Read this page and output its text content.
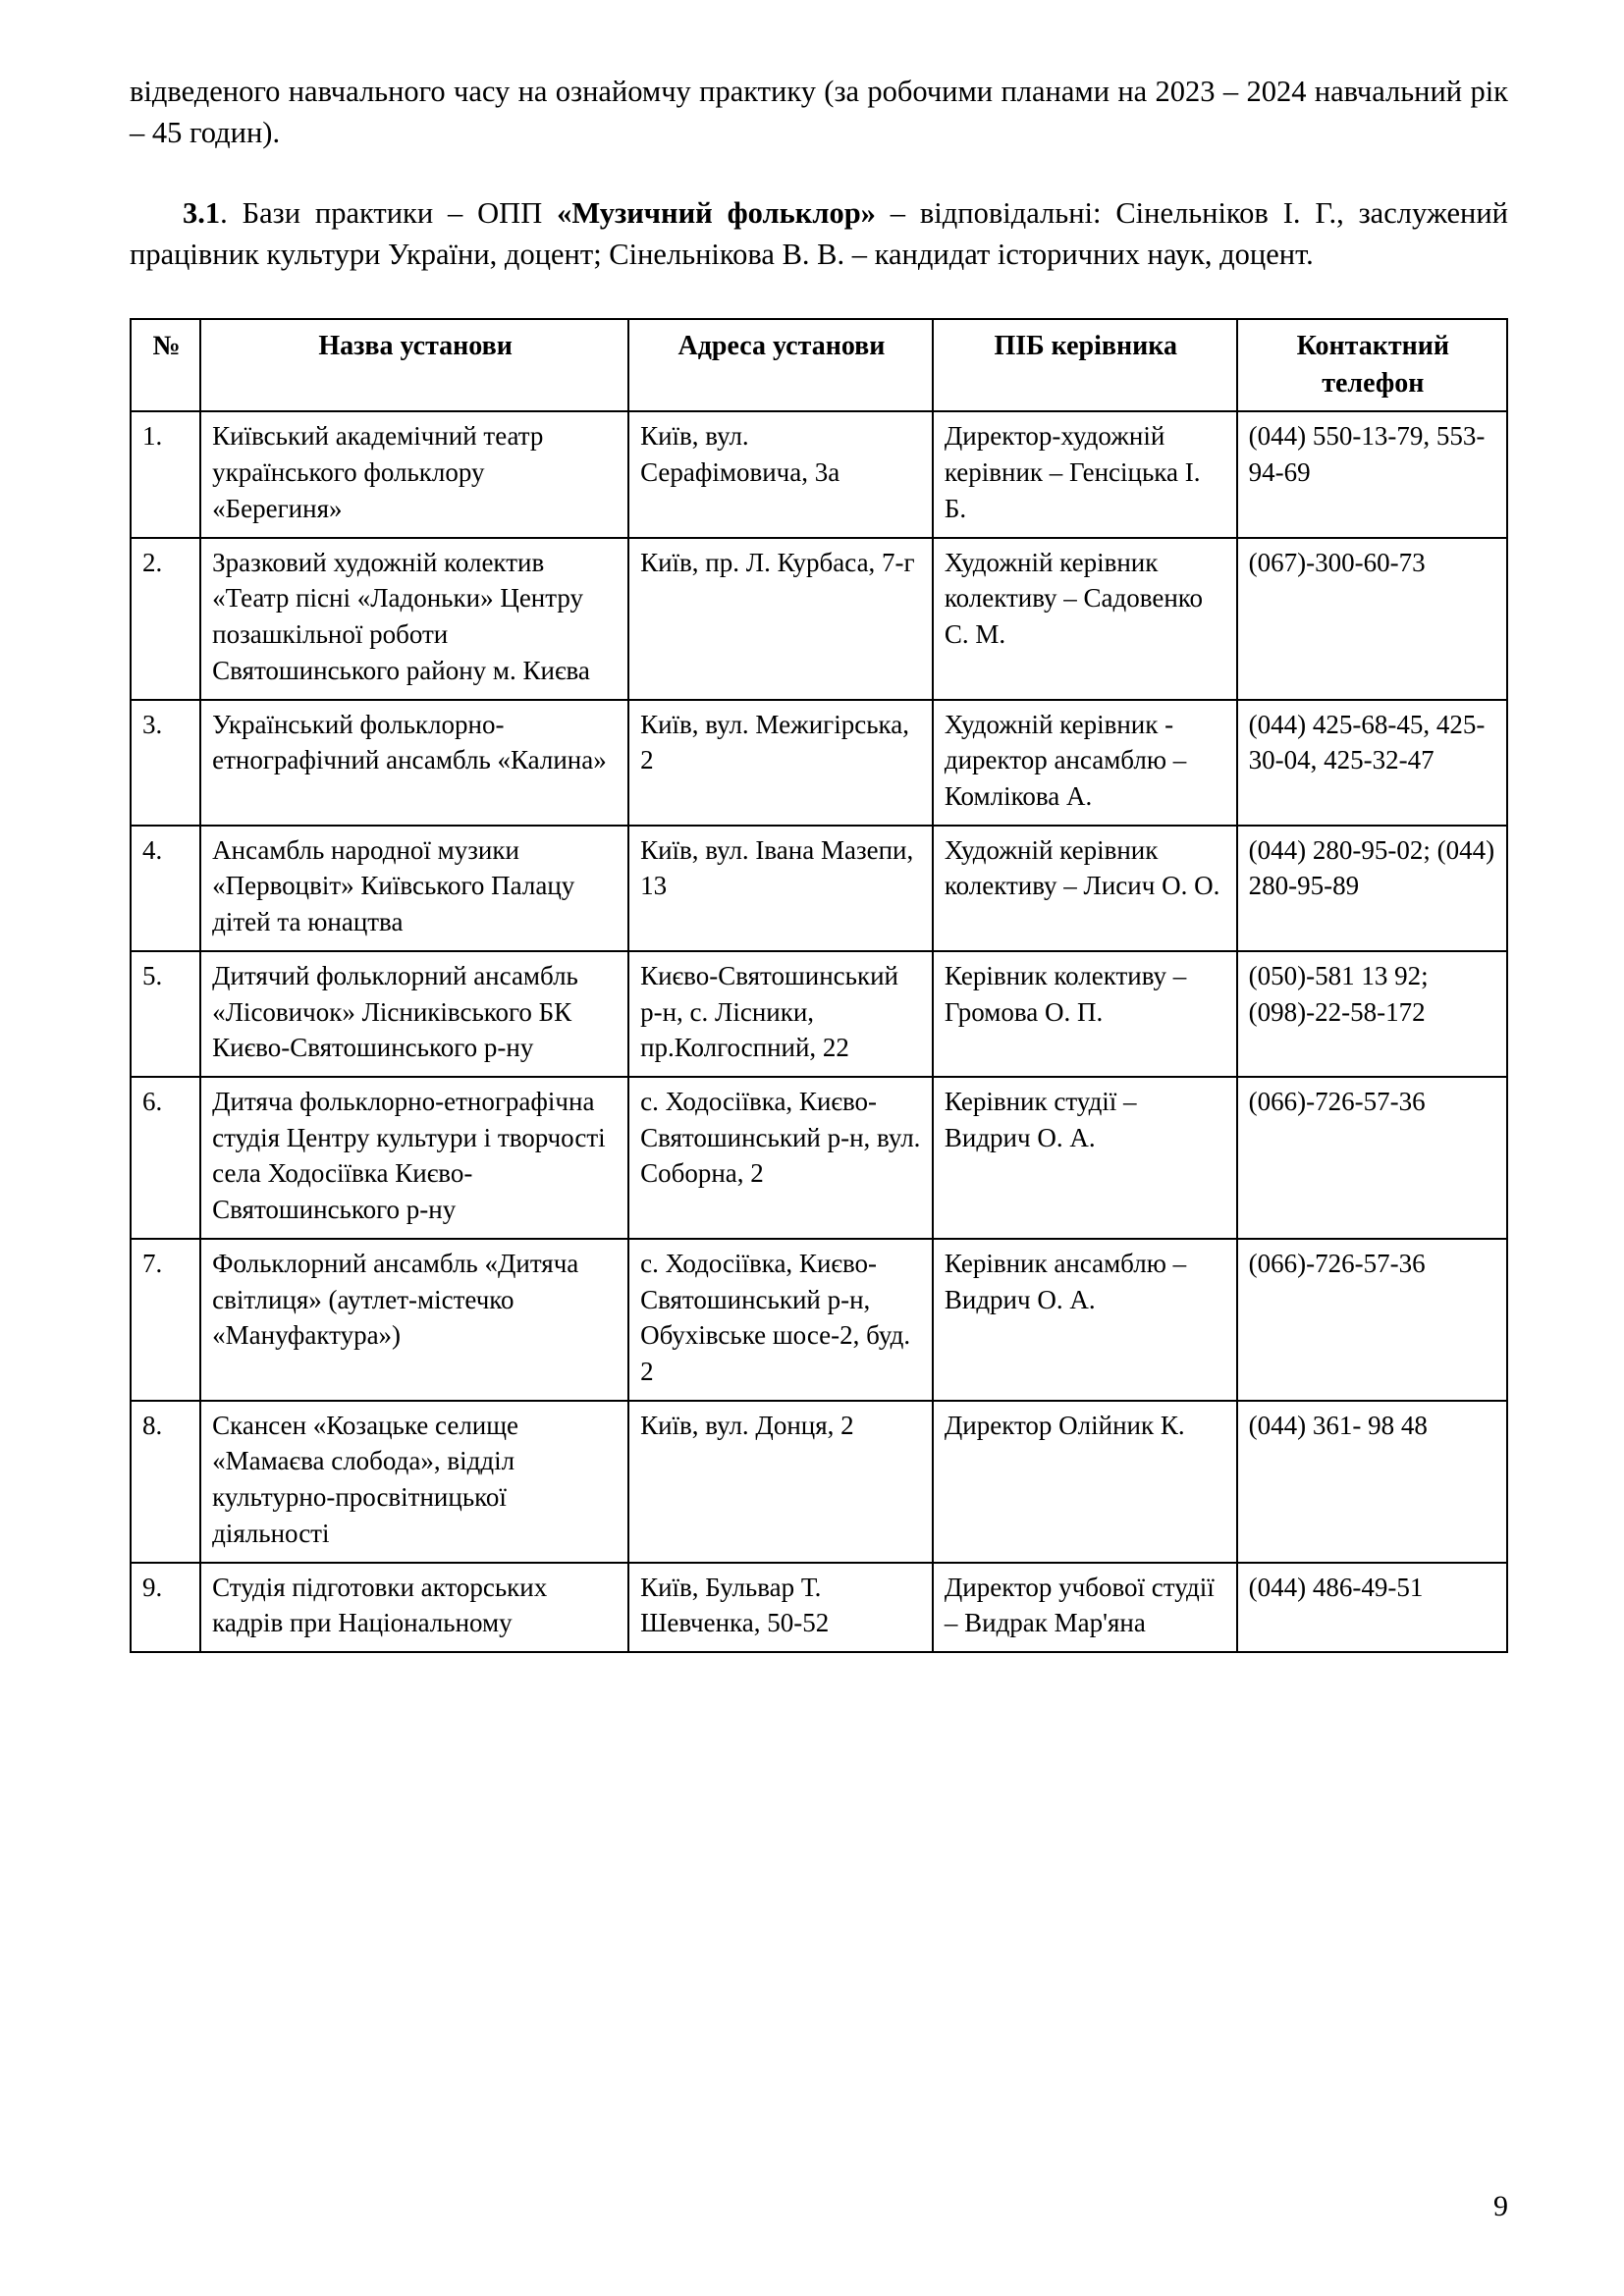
відведеного навчального часу на ознайомчу практику (за робочими планами на 2023 – 2024 навчальний рік – 45 годин).

3.1. Бази практики – ОПП «Музичний фольклор» – відповідальні: Сінельніков І. Г., заслужений працівник культури України, доцент; Сінельнікова В. В. – кандидат історичних наук, доцент.

№	Назва установи	Адреса установи	ПІБ керівника	Контактний телефон
1.	Київський академічний театр українського фольклору «Берегиня»	Київ, вул. Серафімовича, 3а	Директор-художній керівник – Генсіцька І. Б.	(044) 550-13-79, 553-94-69
2.	Зразковий художній колектив «Театр пісні «Ладоньки» Центру позашкільної роботи Святошинського району м. Києва	Київ, пр. Л. Курбаса, 7-г	Художній керівник колективу – Садовенко С. М.	(067)-300-60-73
3.	Український фольклорно-етнографічний ансамбль «Калина»	Київ, вул. Межигірська, 2	Художній керівник - директор ансамблю – Комлікова А.	(044) 425-68-45, 425-30-04, 425-32-47
4.	Ансамбль народної музики «Первоцвіт» Київського Палацу дітей та юнацтва	Київ, вул. Івана Мазепи, 13	Художній керівник колективу – Лисич О. О.	(044) 280-95-02; (044) 280-95-89
5.	Дитячий фольклорний ансамбль «Лісовичок» Лісниківського БК Києво-Святошинського р-ну	Києво-Святошинський р-н, с. Лісники, пр.Колгоспний, 22	Керівник колективу – Громова О. П.	(050)-581 13 92; (098)-22-58-172
6.	Дитяча фольклорно-етнографічна студія Центру культури і творчості села Ходосіївка Києво-Святошинського р-ну	с. Ходосіївка, Києво-Святошинський р-н, вул. Соборна, 2	Керівник студії – Видрич О. А.	(066)-726-57-36
7.	Фольклорний ансамбль «Дитяча світлиця» (аутлет-містечко «Мануфактура»)	с. Ходосіївка, Києво-Святошинський р-н, Обухівське шосе-2, буд. 2	Керівник ансамблю – Видрич О. А.	(066)-726-57-36
8.	Скансен «Козацьке селище «Мамаєва слобода», відділ культурно-просвітницької діяльності	Київ, вул. Донця, 2	Директор Олійник К.	(044) 361- 98 48
9.	Студія підготовки акторських кадрів при Національному	Київ, Бульвар Т. Шевченка, 50-52	Директор учбової студії – Видрак Мар'яна	(044) 486-49-51
9
